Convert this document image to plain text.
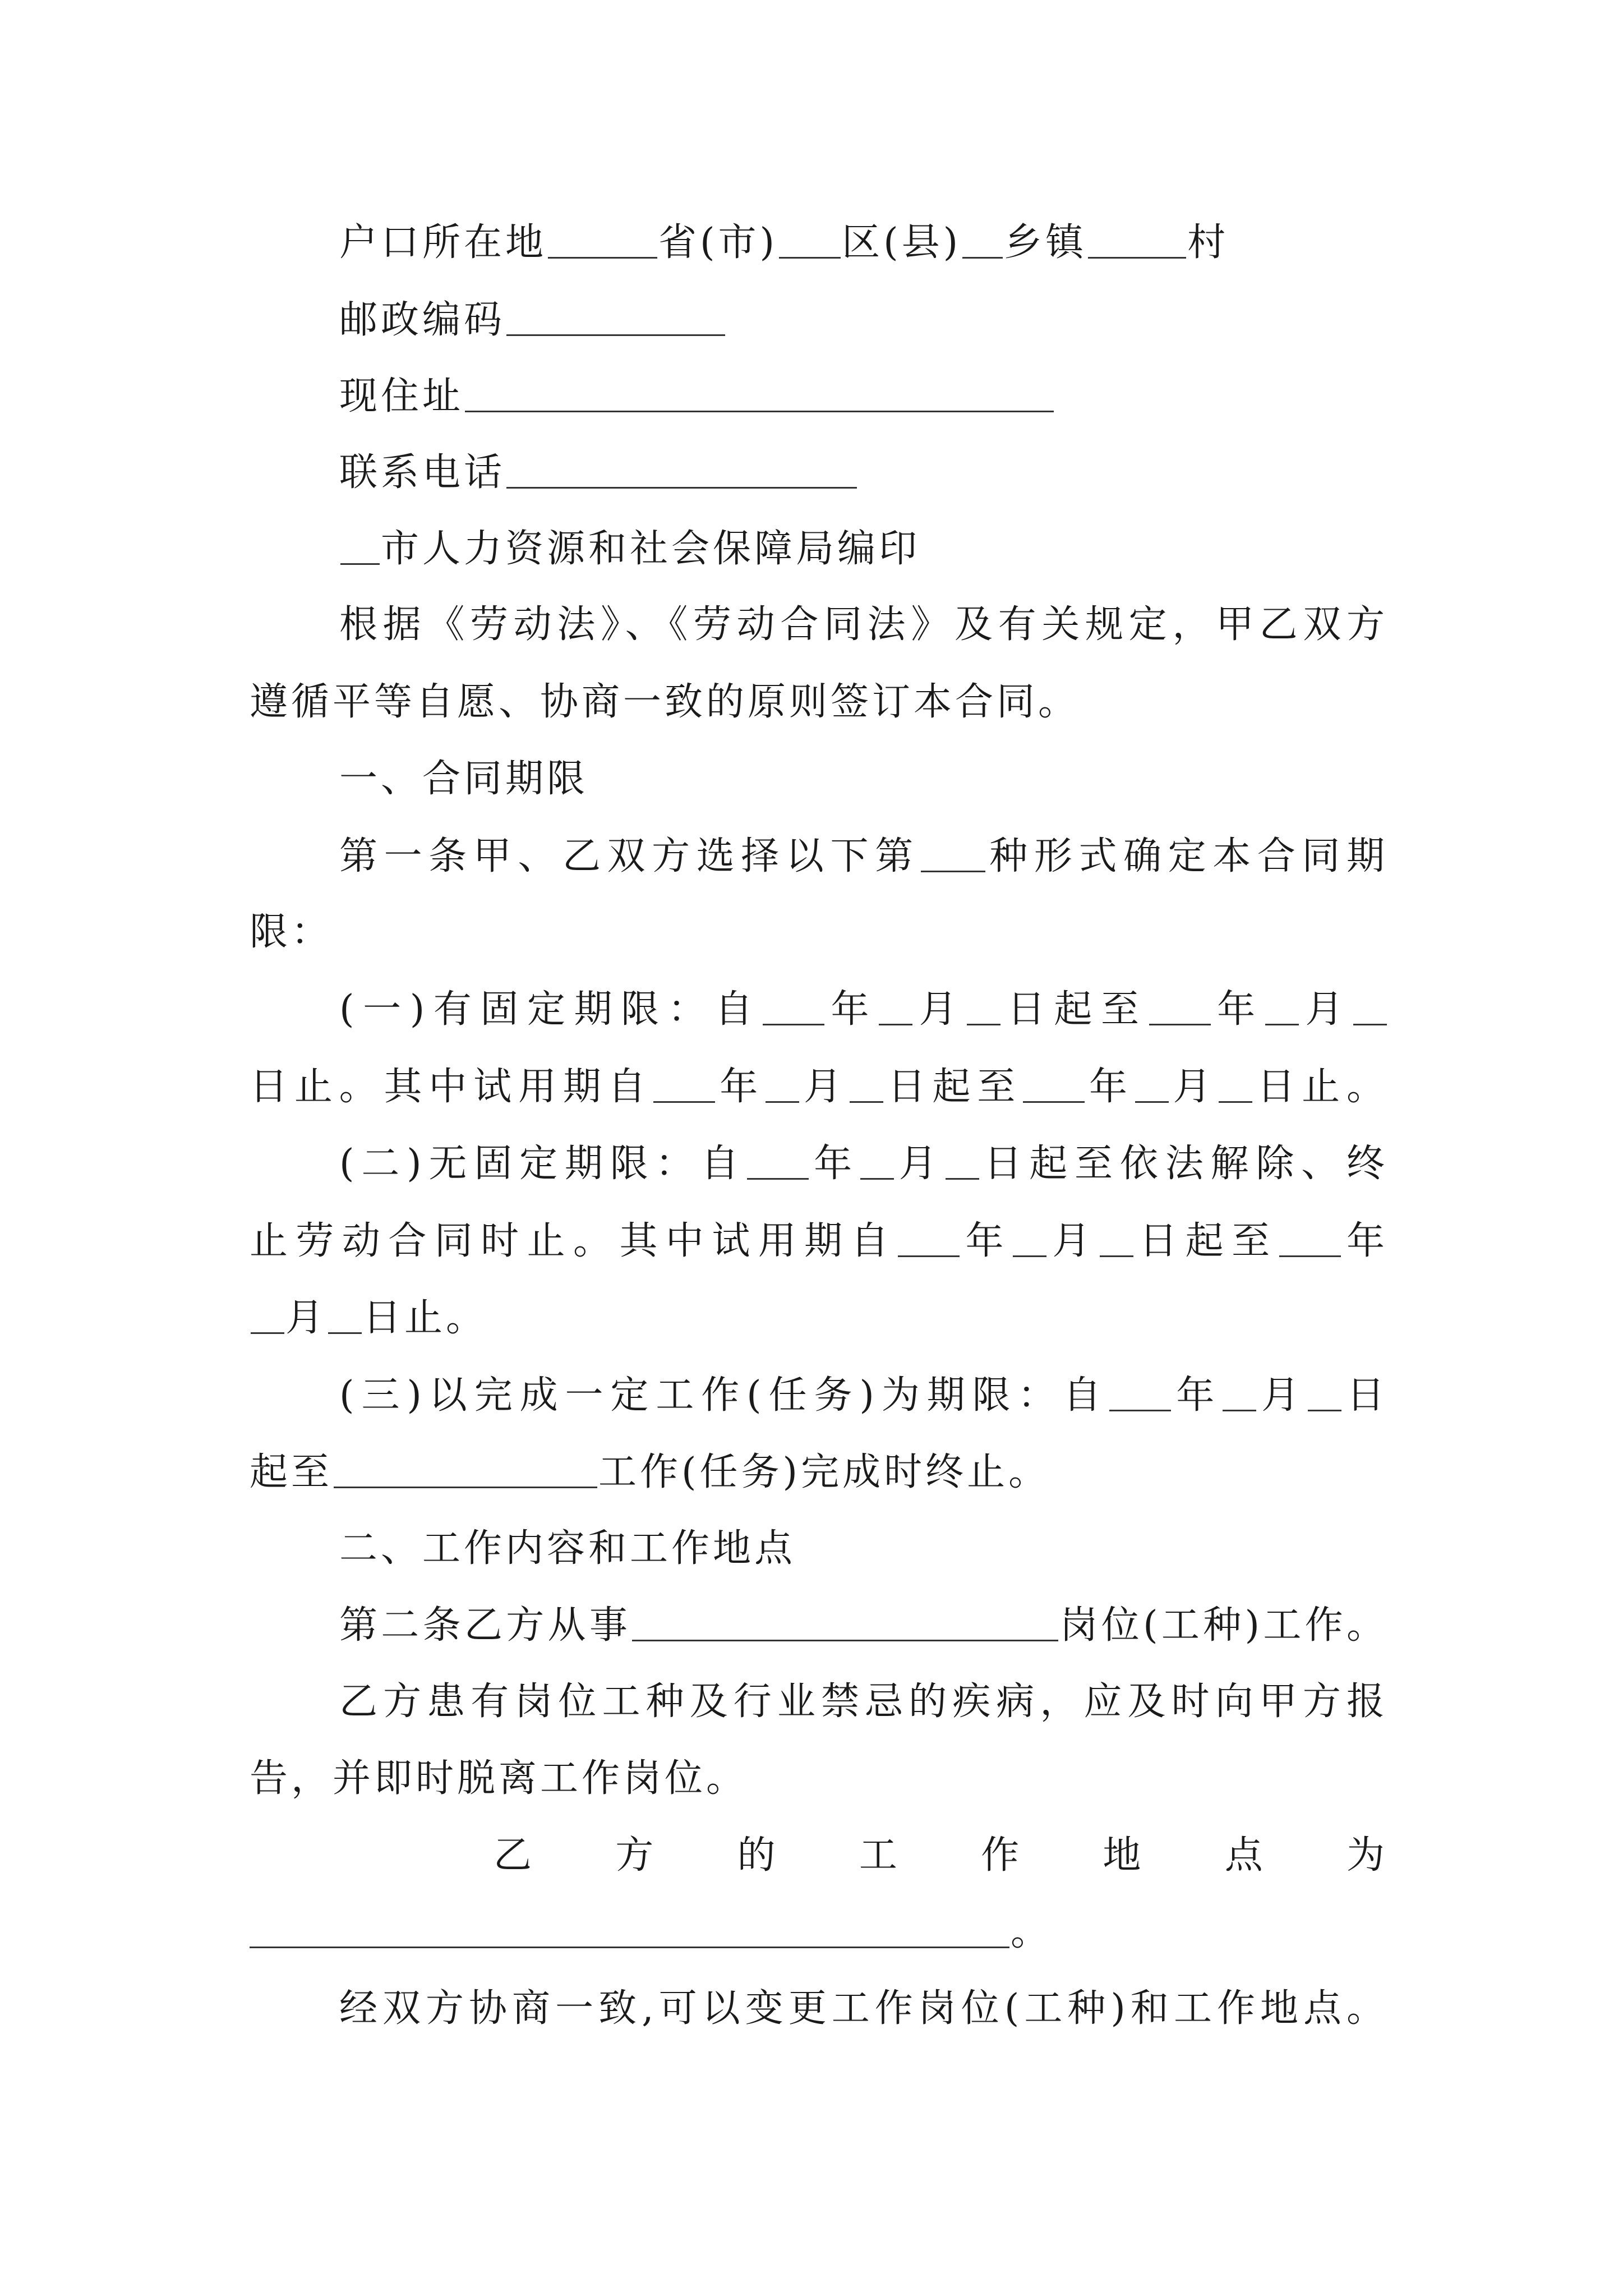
户口所在地	省(市) 区(县) 乡镇	村
邮政编码
现住址
联系电话
市人力资源和社会保障局编印
根据《劳动法》、《劳动合同法》及有关规定，甲乙双方
遵循平等自愿、协商一致的原则签订本合同。
一、合同期限
第一条甲、乙双方选择以下第 种形式确定本合同期
限：
(一)有固定期限：自 年 月 日起至 年 月
日止。其中试用期自 年 月 日起至 年 月 日止。
(二)无固定期限：自 年 月 日起至依法解除、终
止劳动合同时止。其中试用期自 年 月 日起至 年
月 日止。
(三)以完成一定工作(任务)为期限：自 年 月 日
起至	工作(任务)完成时终止。
二、工作内容和工作地点
第二条乙方从事	岗位(工种)工作。
乙方患有岗位工种及行业禁忌的疾病，应及时向甲方报
告，并即时脱离工作岗位。
乙 方 的 工 作 地 点 为
。
经双方协商一致,可以变更工作岗位(工种)和工作地点。
